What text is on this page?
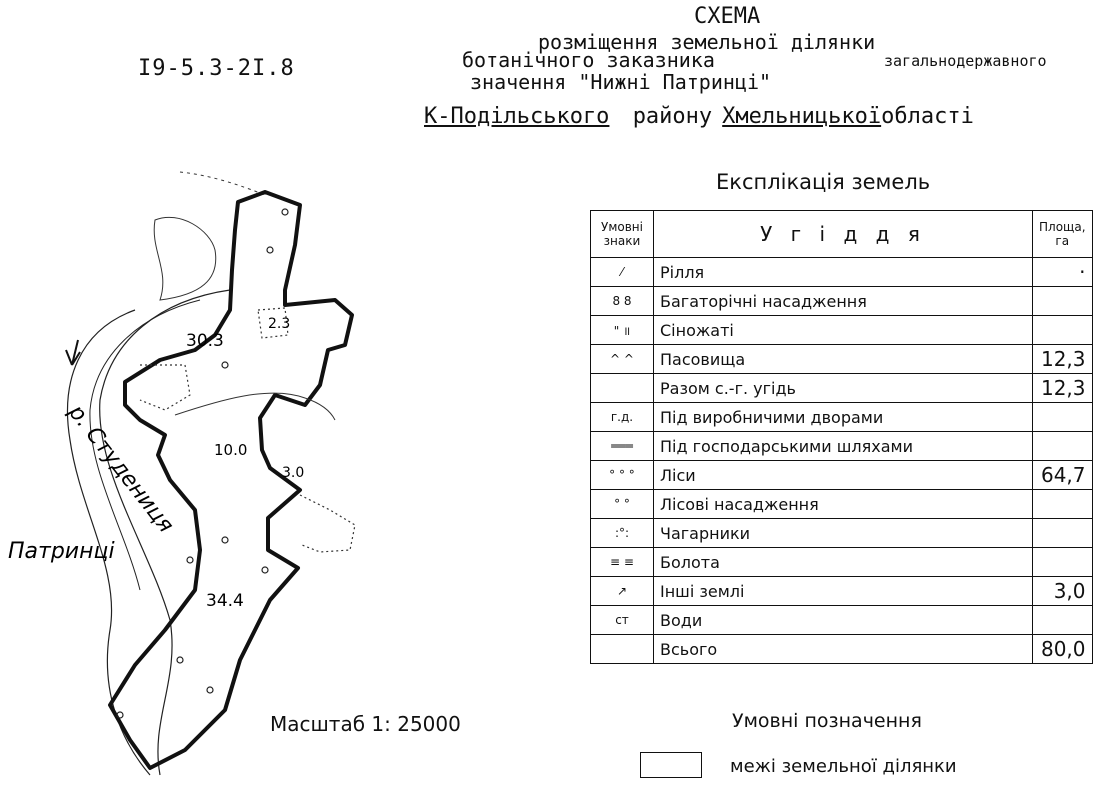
I9-5.3-2I.8
СХЕМА
розміщення земельної ділянки
ботанічного заказника	загальнодержавного
значення "Нижні Патринці"
К-Подільського району Хмельницькоїобласті
Експлікація земель
Умовні знаки	У г і д д я	Площа, га
⁄	Рілля	·
8 8	Багаторічні насадження	
" ॥	Сіножаті	
^ ^	Пасовища	12,3
	Разом с.-г. угідь	12,3
г.д.	Під виробничими дворами	
═══	Під господарськими шляхами	
° ° °	Ліси	64,7
° °	Лісові насадження	
:°:	Чагарники	
≡ ≡	Болота	
↗	Інші землі	3,0
ст	Води	
	Всього	80,0
30.3
2.3
10.0
3.0
34.4
р. Студениця
Патринці
Масштаб 1: 25000	Умовні позначення
межі земельної ділянки
